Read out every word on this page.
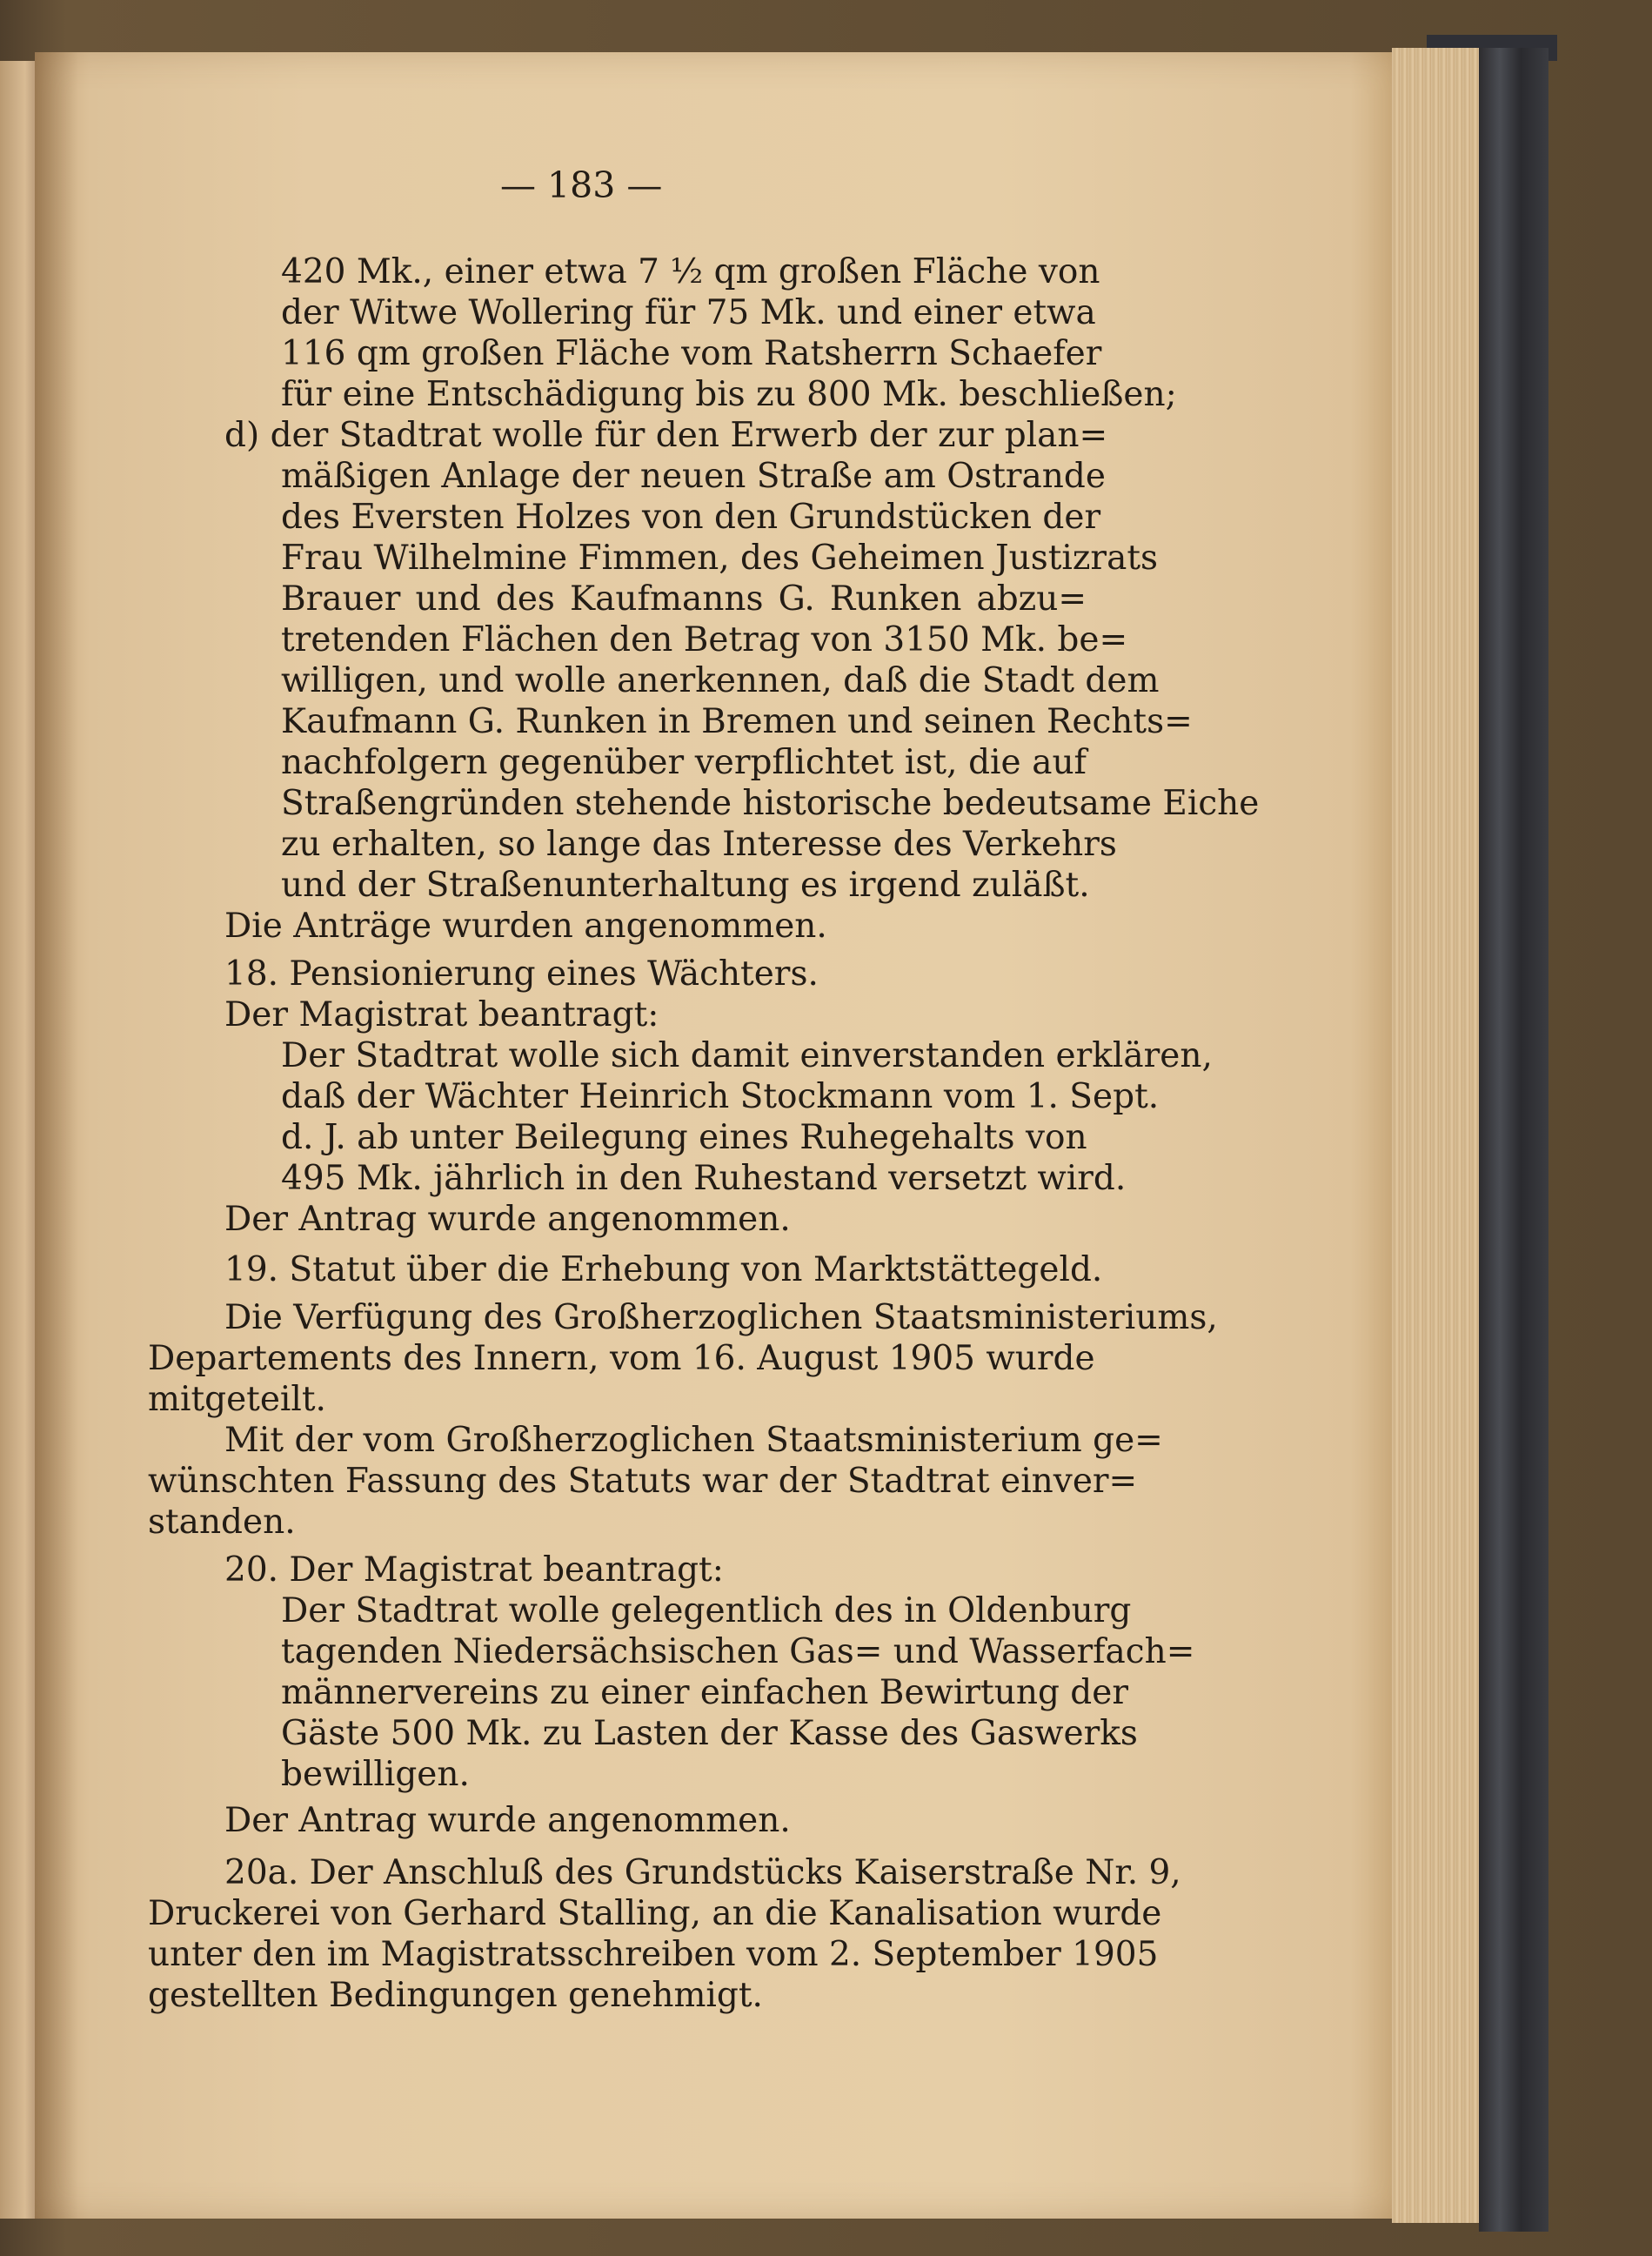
— 183 —
420 Mk., einer etwa 7 ½ qm großen Fläche von
der Witwe Wollering für 75 Mk. und einer etwa
116 qm großen Fläche vom Ratsherrn Schaefer
für eine Entschädigung bis zu 800 Mk. beschließen;
d) der Stadtrat wolle für den Erwerb der zur plan=
mäßigen Anlage der neuen Straße am Ostrande
des Eversten Holzes von den Grundstücken der
Frau Wilhelmine Fimmen, des Geheimen Justizrats
Brauer und des Kaufmanns G. Runken abzu=
tretenden Flächen den Betrag von 3150 Mk. be=
willigen, und wolle anerkennen, daß die Stadt dem
Kaufmann G. Runken in Bremen und seinen Rechts=
nachfolgern gegenüber verpflichtet ist, die auf
Straßengründen stehende historische bedeutsame Eiche
zu erhalten, so lange das Interesse des Verkehrs
und der Straßenunterhaltung es irgend zuläßt.
Die Anträge wurden angenommen.
18. Pensionierung eines Wächters.
Der Magistrat beantragt:
Der Stadtrat wolle sich damit einverstanden erklären,
daß der Wächter Heinrich Stockmann vom 1. Sept.
d. J. ab unter Beilegung eines Ruhegehalts von
495 Mk. jährlich in den Ruhestand versetzt wird.
Der Antrag wurde angenommen.
19. Statut über die Erhebung von Marktstättegeld.
Die Verfügung des Großherzoglichen Staatsministeriums,
Departements des Innern, vom 16. August 1905 wurde
mitgeteilt.
Mit der vom Großherzoglichen Staatsministerium ge=
wünschten Fassung des Statuts war der Stadtrat einver=
standen.
20. Der Magistrat beantragt:
Der Stadtrat wolle gelegentlich des in Oldenburg
tagenden Niedersächsischen Gas= und Wasserfach=
männervereins zu einer einfachen Bewirtung der
Gäste 500 Mk. zu Lasten der Kasse des Gaswerks
bewilligen.
Der Antrag wurde angenommen.
20a. Der Anschluß des Grundstücks Kaiserstraße Nr. 9,
Druckerei von Gerhard Stalling, an die Kanalisation wurde
unter den im Magistratsschreiben vom 2. September 1905
gestellten Bedingungen genehmigt.
